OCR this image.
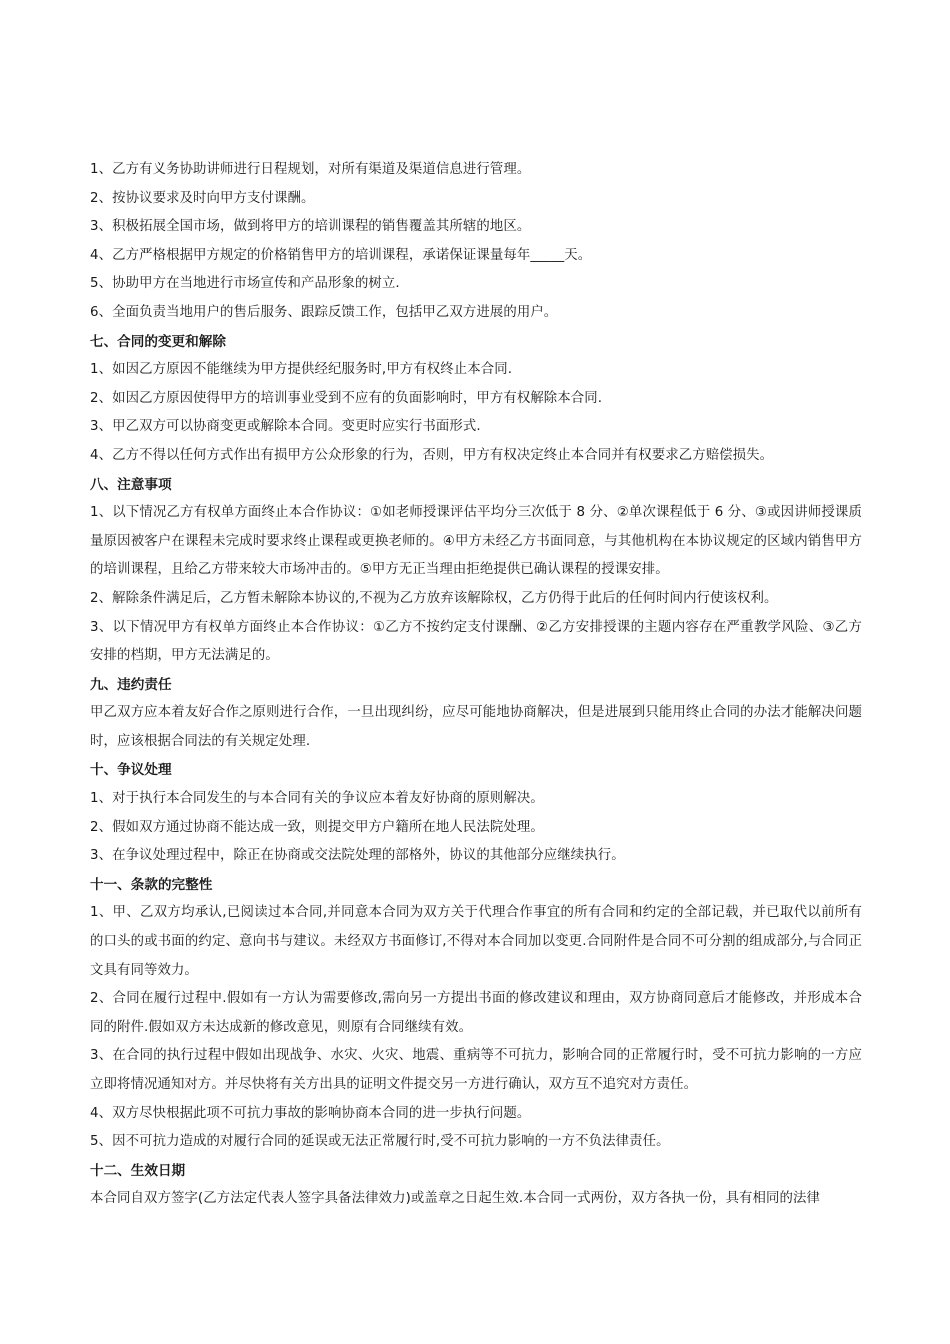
1、乙方有义务协助讲师进行日程规划，对所有渠道及渠道信息进行管理。
2、按协议要求及时向甲方支付课酬。
3、积极拓展全国市场，做到将甲方的培训课程的销售覆盖其所辖的地区。
4、乙方严格根据甲方规定的价格销售甲方的培训课程，承诺保证课量每年_____天。
5、协助甲方在当地进行市场宣传和产品形象的树立.
6、全面负责当地用户的售后服务、跟踪反馈工作，包括甲乙双方进展的用户。
七、合同的变更和解除
1、如因乙方原因不能继续为甲方提供经纪服务时,甲方有权终止本合同.
2、如因乙方原因使得甲方的培训事业受到不应有的负面影响时，甲方有权解除本合同.
3、甲乙双方可以协商变更或解除本合同。变更时应实行书面形式.
4、乙方不得以任何方式作出有损甲方公众形象的行为，否则，甲方有权决定终止本合同并有权要求乙方赔偿损失。
八、注意事项
1、以下情况乙方有权单方面终止本合作协议：①如老师授课评估平均分三次低于 8 分、②单次课程低于 6 分、③或因讲师授课质量原因被客户在课程未完成时要求终止课程或更换老师的。④甲方未经乙方书面同意，与其他机构在本协议规定的区域内销售甲方的培训课程，且给乙方带来较大市场冲击的。⑤甲方无正当理由拒绝提供已确认课程的授课安排。
2、解除条件满足后，乙方暂未解除本协议的,不视为乙方放弃该解除权，乙方仍得于此后的任何时间内行使该权利。
3、以下情况甲方有权单方面终止本合作协议：①乙方不按约定支付课酬、②乙方安排授课的主题内容存在严重教学风险、③乙方安排的档期，甲方无法满足的。
九、违约责任
甲乙双方应本着友好合作之原则进行合作，一旦出现纠纷，应尽可能地协商解决，但是进展到只能用终止合同的办法才能解决问题时，应该根据合同法的有关规定处理.
十、争议处理
1、对于执行本合同发生的与本合同有关的争议应本着友好协商的原则解决。
2、假如双方通过协商不能达成一致，则提交甲方户籍所在地人民法院处理。
3、在争议处理过程中，除正在协商或交法院处理的部格外，协议的其他部分应继续执行。
十一、条款的完整性
1、甲、乙双方均承认,已阅读过本合同,并同意本合同为双方关于代理合作事宜的所有合同和约定的全部记载，并已取代以前所有的口头的或书面的约定、意向书与建议。未经双方书面修订,不得对本合同加以变更.合同附件是合同不可分割的组成部分,与合同正文具有同等效力。
2、合同在履行过程中.假如有一方认为需要修改,需向另一方提出书面的修改建议和理由，双方协商同意后才能修改，并形成本合同的附件.假如双方未达成新的修改意见，则原有合同继续有效。
3、在合同的执行过程中假如出现战争、水灾、火灾、地震、重病等不可抗力，影响合同的正常履行时，受不可抗力影响的一方应立即将情况通知对方。并尽快将有关方出具的证明文件提交另一方进行确认，双方互不追究对方责任。
4、双方尽快根据此项不可抗力事故的影响协商本合同的进一步执行问题。
5、因不可抗力造成的对履行合同的延误或无法正常履行时,受不可抗力影响的一方不负法律责任。
十二、生效日期
本合同自双方签字(乙方法定代表人签字具备法律效力)或盖章之日起生效.本合同一式两份，双方各执一份，具有相同的法律
